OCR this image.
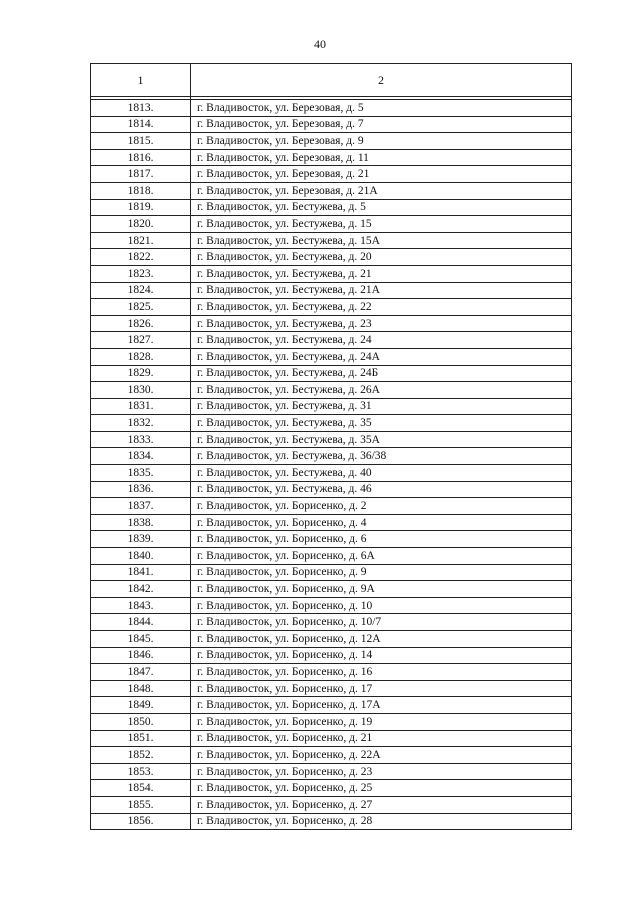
40
1	2

1813.	г. Владивосток, ул. Березовая, д. 5
1814.	г. Владивосток, ул. Березовая, д. 7
1815.	г. Владивосток, ул. Березовая, д. 9
1816.	г. Владивосток, ул. Березовая, д. 11
1817.	г. Владивосток, ул. Березовая, д. 21
1818.	г. Владивосток, ул. Березовая, д. 21А
1819.	г. Владивосток, ул. Бестужева, д. 5
1820.	г. Владивосток, ул. Бестужева, д. 15
1821.	г. Владивосток, ул. Бестужева, д. 15А
1822.	г. Владивосток, ул. Бестужева, д. 20
1823.	г. Владивосток, ул. Бестужева, д. 21
1824.	г. Владивосток, ул. Бестужева, д. 21А
1825.	г. Владивосток, ул. Бестужева, д. 22
1826.	г. Владивосток, ул. Бестужева, д. 23
1827.	г. Владивосток, ул. Бестужева, д. 24
1828.	г. Владивосток, ул. Бестужева, д. 24А
1829.	г. Владивосток, ул. Бестужева, д. 24Б
1830.	г. Владивосток, ул. Бестужева, д. 26А
1831.	г. Владивосток, ул. Бестужева, д. 31
1832.	г. Владивосток, ул. Бестужева, д. 35
1833.	г. Владивосток, ул. Бестужева, д. 35А
1834.	г. Владивосток, ул. Бестужева, д. 36/38
1835.	г. Владивосток, ул. Бестужева, д. 40
1836.	г. Владивосток, ул. Бестужева, д. 46
1837.	г. Владивосток, ул. Борисенко, д. 2
1838.	г. Владивосток, ул. Борисенко, д. 4
1839.	г. Владивосток, ул. Борисенко, д. 6
1840.	г. Владивосток, ул. Борисенко, д. 6А
1841.	г. Владивосток, ул. Борисенко, д. 9
1842.	г. Владивосток, ул. Борисенко, д. 9А
1843.	г. Владивосток, ул. Борисенко, д. 10
1844.	г. Владивосток, ул. Борисенко, д. 10/7
1845.	г. Владивосток, ул. Борисенко, д. 12А
1846.	г. Владивосток, ул. Борисенко, д. 14
1847.	г. Владивосток, ул. Борисенко, д. 16
1848.	г. Владивосток, ул. Борисенко, д. 17
1849.	г. Владивосток, ул. Борисенко, д. 17А
1850.	г. Владивосток, ул. Борисенко, д. 19
1851.	г. Владивосток, ул. Борисенко, д. 21
1852.	г. Владивосток, ул. Борисенко, д. 22А
1853.	г. Владивосток, ул. Борисенко, д. 23
1854.	г. Владивосток, ул. Борисенко, д. 25
1855.	г. Владивосток, ул. Борисенко, д. 27
1856.	г. Владивосток, ул. Борисенко, д. 28
